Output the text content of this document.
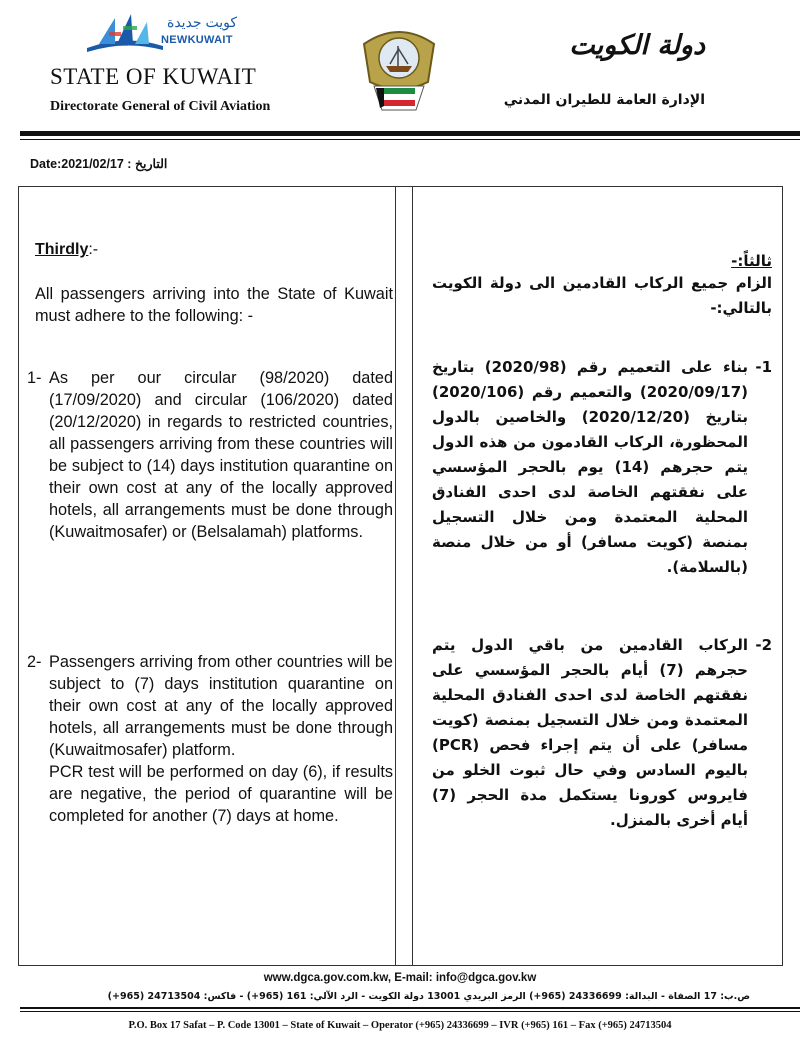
كويت جديدة
NEWKUWAIT
STATE OF KUWAIT
Directorate General of Civil Aviation
دولة الكويت
الإدارة العامة للطيران المدني
Date:2021/02/17 : التاريخ
Thirdly:-

All passengers arriving into the State of Kuwait must adhere to the following: -

1- As per our circular (98/2020) dated (17/09/2020) and circular (106/2020) dated (20/12/2020) in regards to restricted countries, all passengers arriving from these countries will be subject to (14) days institution quarantine on their own cost at any of the locally approved hotels, all arrangements must be done through (Kuwaitmosafer) or (Belsalamah) platforms.

2- Passengers arriving from other countries will be subject to (7) days institution quarantine on their own cost at any of the locally approved hotels, all arrangements must be done through (Kuwaitmosafer) platform.

PCR test will be performed on day (6), if results are negative, the period of quarantine will be completed for another (7) days at home.

ثالثاً:-

الزام جميع الركاب القادمين الى دولة الكويت بالتالي:-

1-

بناء على التعميم رقم (2020/98) بتاريخ (2020/09/17) والتعميم رقم (2020/106) بتاريخ (2020/12/20) والخاصين بالدول المحظورة، الركاب القادمون من هذه الدول يتم حجرهم (14) يوم بالحجر المؤسسي على نفقتهم الخاصة لدى احدى الفنادق المحلية المعتمدة ومن خلال التسجيل بمنصة (كويت مسافر) أو من خلال منصة (بالسلامة).

2-

الركاب القادمين من باقي الدول يتم حجرهم (7) أيام بالحجر المؤسسي على نفقتهم الخاصة لدى احدى الفنادق المحلية المعتمدة ومن خلال التسجيل بمنصة (كويت مسافر) على أن يتم إجراء فحص (PCR) باليوم السادس وفي حال ثبوت الخلو من فايروس كورونا يستكمل مدة الحجر (7) أيام أخرى بالمنزل.

www.dgca.gov.com.kw, E-mail: info@dgca.gov.kw
ص.ب: 17 الصفاة - البدالة: 24336699 (965+) الرمز البريدي 13001 دولة الكويت - الرد الآلي: 161 (965+) - فاكس: 24713504 (965+)
P.O. Box 17 Safat – P. Code 13001 – State of Kuwait – Operator (+965) 24336699 – IVR (+965) 161 – Fax (+965) 24713504
